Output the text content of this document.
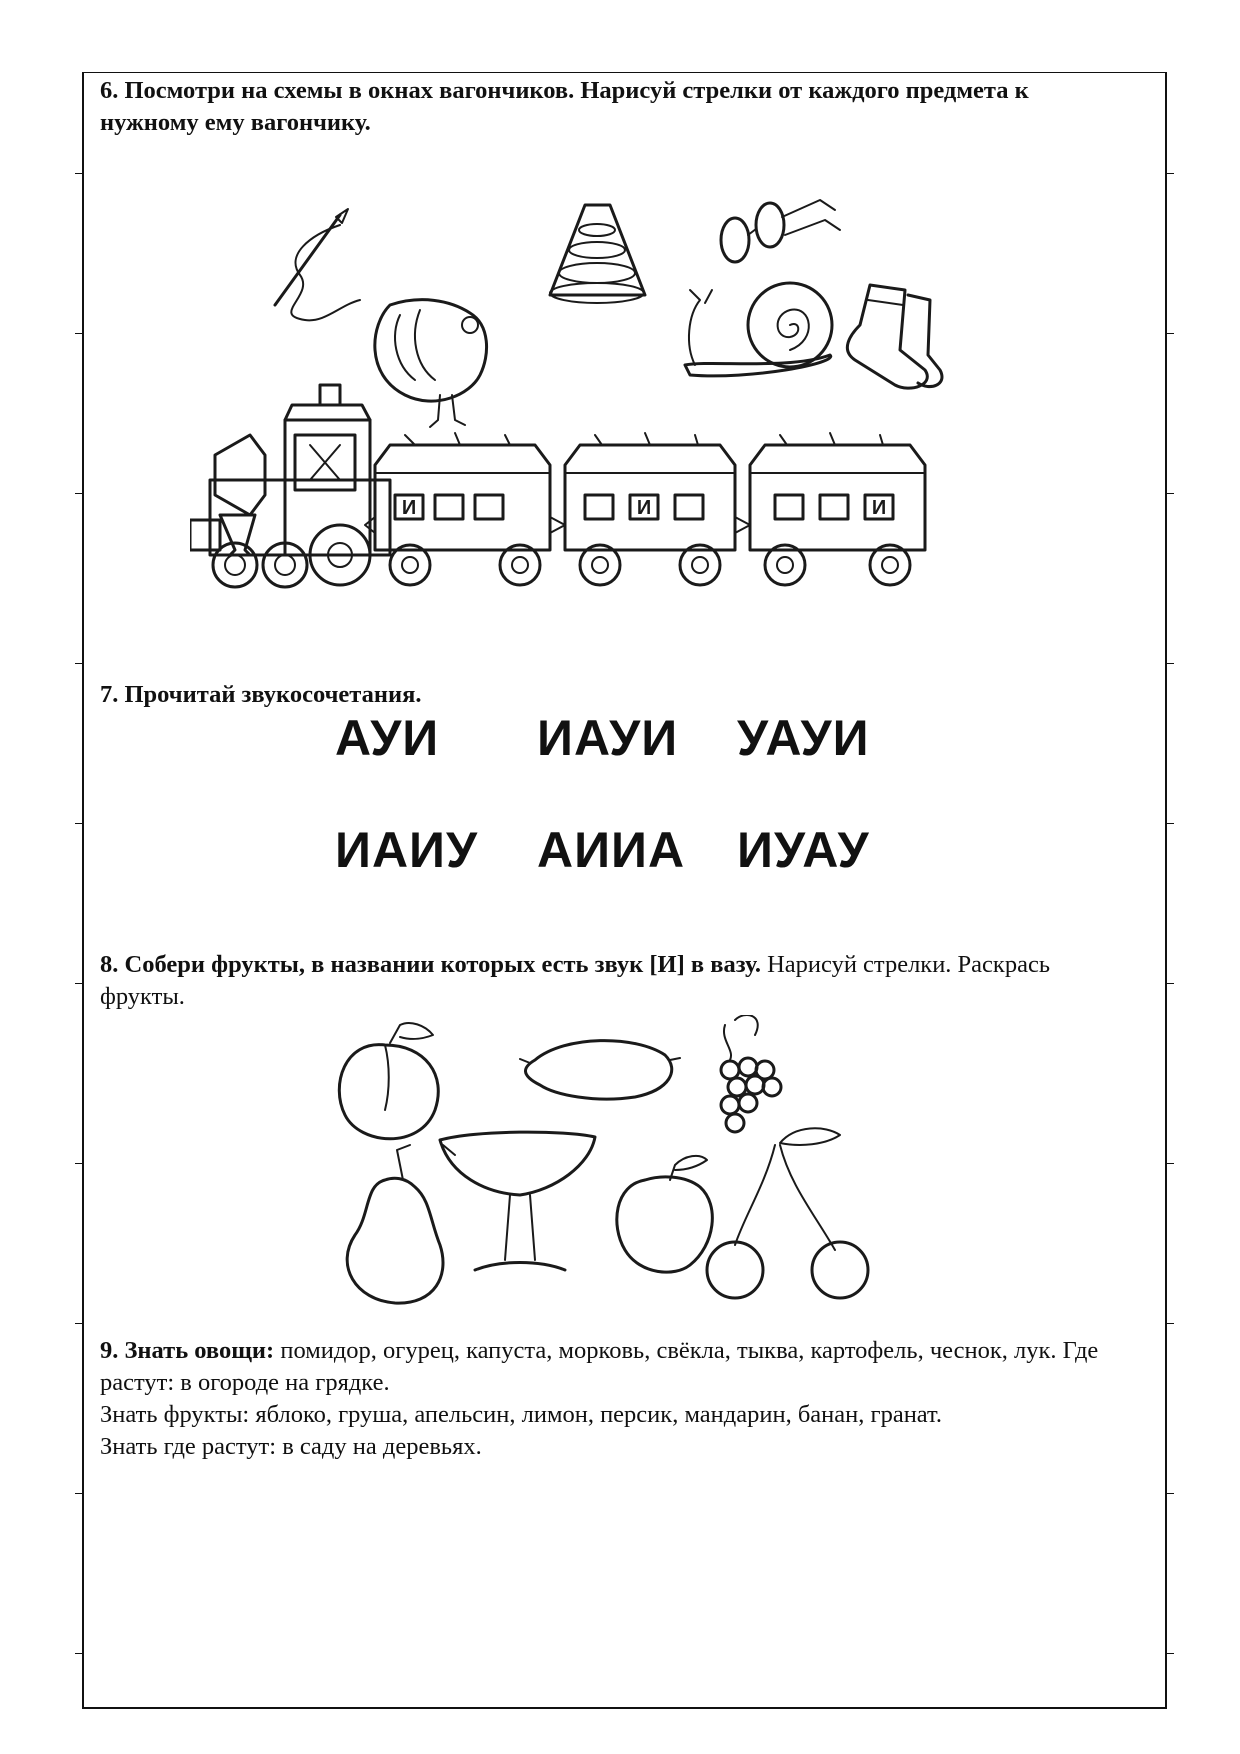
6. Посмотри на схемы в окнах вагончиков. Нарисуй стрелки от каждого предмета к нужному ему вагончику.
7. Прочитай звукосочетания.
АУИ ИАУИ УАУИ
ИАИУ АИИА ИУАУ
8. Собери фрукты, в названии которых есть звук [И] в вазу. Нарисуй стрелки. Раскрась фрукты.
9. Знать овощи: помидор, огурец, капуста, морковь, свёкла, тыква, картофель, чеснок, лук. Где растут: в огороде на грядке.
Знать фрукты: яблоко, груша, апельсин, лимон, персик, мандарин, банан, гранат.
Знать где растут: в саду на деревьях.
И	И	И
